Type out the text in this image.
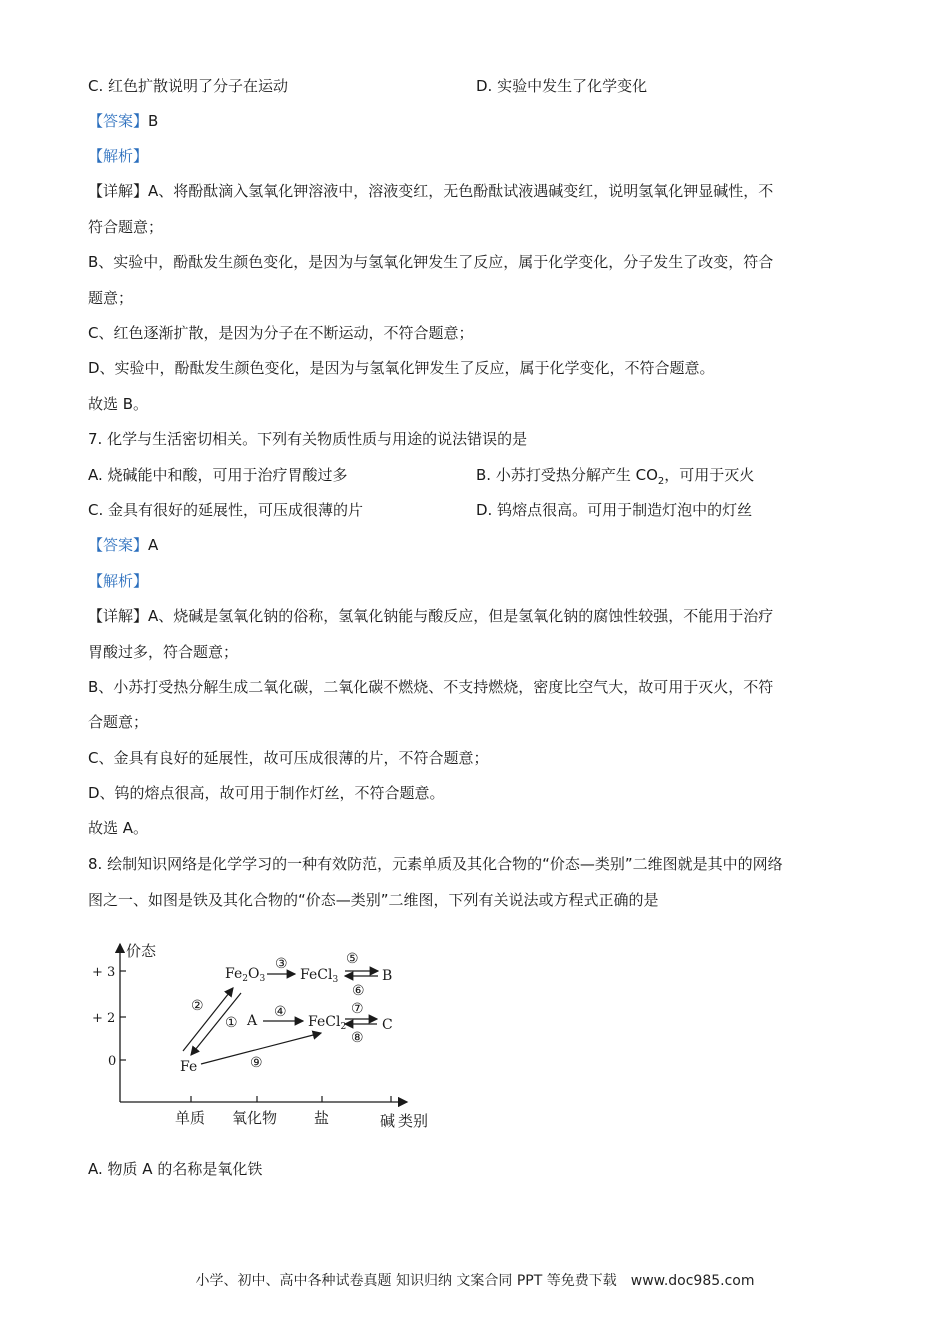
C. 红色扩散说明了分子在运动	D. 实验中发生了化学变化
【答案】B
【解析】
【详解】A、将酚酞滴入氢氧化钾溶液中，溶液变红，无色酚酞试液遇碱变红，说明氢氧化钾显碱性，不
符合题意；
B、实验中，酚酞发生颜色变化，是因为与氢氧化钾发生了反应，属于化学变化，分子发生了改变，符合
题意；
C、红色逐渐扩散，是因为分子在不断运动，不符合题意；
D、实验中，酚酞发生颜色变化，是因为与氢氧化钾发生了反应，属于化学变化，不符合题意。
故选 B。
7. 化学与生活密切相关。下列有关物质性质与用途的说法错误的是
A. 烧碱能中和酸，可用于治疗胃酸过多	B. 小苏打受热分解产生 $CO_2$，可用于灭火
C. 金具有很好的延展性，可压成很薄的片	D. 钨熔点很高。可用于制造灯泡中的灯丝
【答案】A
【解析】
【详解】A、烧碱是氢氧化钠的俗称，氢氧化钠能与酸反应，但是氢氧化钠的腐蚀性较强，不能用于治疗
胃酸过多，符合题意；
B、小苏打受热分解生成二氧化碳，二氧化碳不燃烧、不支持燃烧，密度比空气大，故可用于灭火，不符
合题意；
C、金具有良好的延展性，故可压成很薄的片，不符合题意；
D、钨的熔点很高，故可用于制作灯丝，不符合题意。
故选 A。
8. 绘制知识网络是化学学习的一种有效防范，元素单质及其化合物的“价态—类别”二维图就是其中的网络
图之一、如图是铁及其化合物的“价态—类别”二维图，下列有关说法或方程式正确的是
价态
+ 3
+ 2
0
单质 氧化物 盐	碱 类别
Fe
$Fe_2O_3$ FeCl$_3$	B
A	FeCl$_2$	C
②
①
③
④
⑤
⑥
⑦
⑧
⑨
A. 物质 A 的名称是氧化铁
小学、初中、高中各种试卷真题 知识归纳 文案合同 PPT 等免费下载 www.doc985.com
